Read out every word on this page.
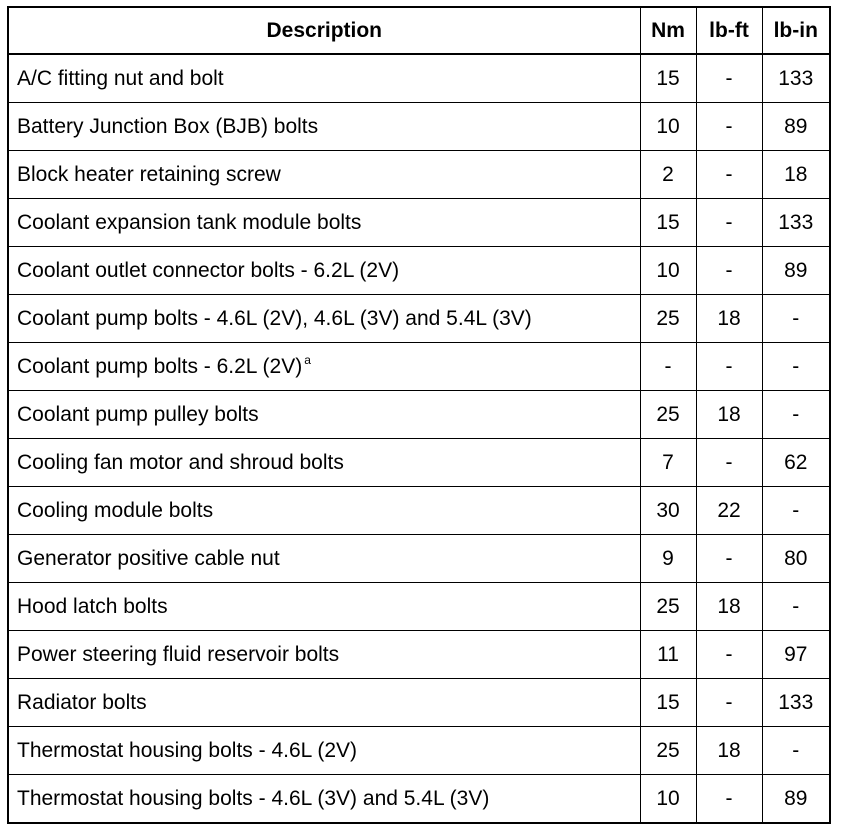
Description	Nm	lb-ft	lb-in
A/C fitting nut and bolt	15	-	133
Battery Junction Box (BJB) bolts	10	-	89
Block heater retaining screw	2	-	18
Coolant expansion tank module bolts	15	-	133
Coolant outlet connector bolts - 6.2L (2V)	10	-	89
Coolant pump bolts - 4.6L (2V), 4.6L (3V) and 5.4L (3V)	25	18	-
Coolant pump bolts - 6.2L (2V) $^a$	-	-	-
Coolant pump pulley bolts	25	18	-
Cooling fan motor and shroud bolts	7	-	62
Cooling module bolts	30	22	-
Generator positive cable nut	9	-	80
Hood latch bolts	25	18	-
Power steering fluid reservoir bolts	11	-	97
Radiator bolts	15	-	133
Thermostat housing bolts - 4.6L (2V)	25	18	-
Thermostat housing bolts - 4.6L (3V) and 5.4L (3V)	10	-	89
